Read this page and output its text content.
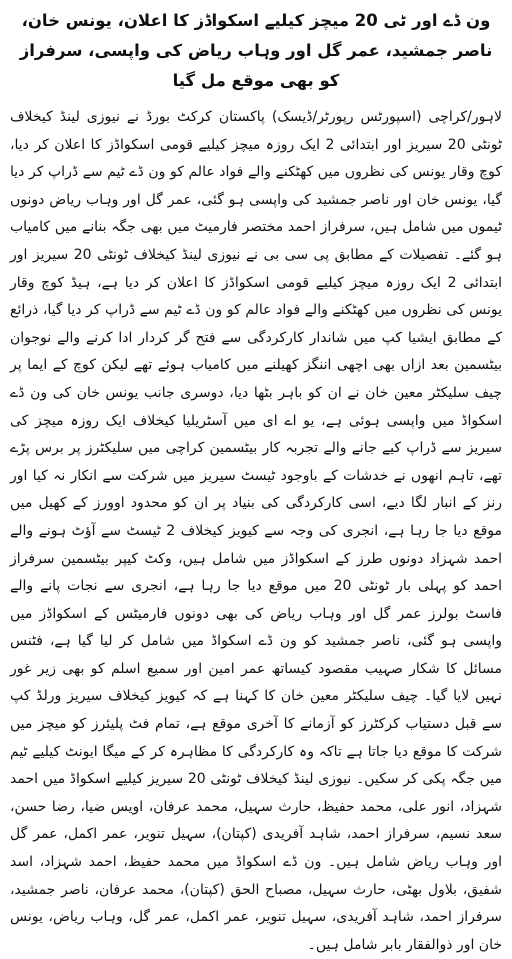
ون ڈے اور ٹی 20 میچز کیلیے اسکواڈز کا اعلان، یونس خان، ناصر جمشید، عمر گل اور وہاب ریاض کی واپسی، سرفراز کو بھی موقع مل گیا

لاہور/کراچی (اسپورٹس رپورٹر/ڈیسک) پاکستان کرکٹ بورڈ نے نیوزی لینڈ کیخلاف ٹونٹی 20 سیریز اور ابتدائی 2 ایک روزہ میچز کیلیے قومی اسکواڈز کا اعلان کر دیا، کوچ وقار یونس کی نظروں میں کھٹکنے والے فواد عالم کو ون ڈے ٹیم سے ڈراپ کر دیا گیا، یونس خان اور ناصر جمشید کی واپسی ہو گئی، عمر گل اور وہاب ریاض دونوں ٹیموں میں شامل ہیں، سرفراز احمد مختصر فارمیٹ میں بھی جگہ بنانے میں کامیاب ہو گئے۔ تفصیلات کے مطابق پی سی بی نے نیوزی لینڈ کیخلاف ٹونٹی 20 سیریز اور ابتدائی 2 ایک روزہ میچز کیلیے قومی اسکواڈز کا اعلان کر دیا ہے، ہیڈ کوچ وقار یونس کی نظروں میں کھٹکنے والے فواد عالم کو ون ڈے ٹیم سے ڈراپ کر دیا گیا، ذرائع کے مطابق ایشیا کپ میں شاندار کارکردگی سے فتح گر کردار ادا کرنے والے نوجوان بیٹسمین بعد ازاں بھی اچھی اننگز کھیلنے میں کامیاب ہوئے تھے لیکن کوچ کے ایما پر چیف سلیکٹر معین خان نے ان کو باہر بٹھا دیا، دوسری جانب یونس خان کی ون ڈے اسکواڈ میں واپسی ہوئی ہے، یو اے ای میں آسٹریلیا کیخلاف ایک روزہ میچز کی سیریز سے ڈراپ کیے جانے والے تجربہ کار بیٹسمین کراچی میں سلیکٹرز پر برس پڑے تھے، تاہم انھوں نے خدشات کے باوجود ٹیسٹ سیریز میں شرکت سے انکار نہ کیا اور رنز کے انبار لگا دیے، اسی کارکردگی کی بنیاد پر ان کو محدود اوورز کے کھیل میں موقع دیا جا رہا ہے، انجری کی وجہ سے کیویز کیخلاف 2 ٹیسٹ سے آؤٹ ہونے والے احمد شہزاد دونوں طرز کے اسکواڈز میں شامل ہیں، وکٹ کیپر بیٹسمین سرفراز احمد کو پہلی بار ٹونٹی 20 میں موقع دیا جا رہا ہے، انجری سے نجات پانے والے فاسٹ بولرز عمر گل اور وہاب ریاض کی بھی دونوں فارمیٹس کے اسکواڈز میں واپسی ہو گئی، ناصر جمشید کو ون ڈے اسکواڈ میں شامل کر لیا گیا ہے، فٹنس مسائل کا شکار صہیب مقصود کیساتھ عمر امین اور سمیع اسلم کو بھی زیر غور نہیں لایا گیا۔ چیف سلیکٹر معین خان کا کہنا ہے کہ کیویز کیخلاف سیریز ورلڈ کپ سے قبل دستیاب کرکٹرز کو آزمانے کا آخری موقع ہے، تمام فٹ پلیئرز کو میچز میں شرکت کا موقع دیا جاتا ہے تاکہ وہ کارکردگی کا مظاہرہ کر کے میگا ایونٹ کیلیے ٹیم میں جگہ پکی کر سکیں۔ نیوزی لینڈ کیخلاف ٹونٹی 20 سیریز کیلیے اسکواڈ میں احمد شہزاد، انور علی، محمد حفیظ، حارث سہیل، محمد عرفان، اویس ضیا، رضا حسن، سعد نسیم، سرفراز احمد، شاہد آفریدی (کپتان)، سہیل تنویر، عمر اکمل، عمر گل اور وہاب ریاض شامل ہیں۔ ون ڈے اسکواڈ میں محمد حفیظ، احمد شہزاد، اسد شفیق، بلاول بھٹی، حارث سہیل، مصباح الحق (کپتان)، محمد عرفان، ناصر جمشید، سرفراز احمد، شاہد آفریدی، سہیل تنویر، عمر اکمل، عمر گل، وہاب ریاض، یونس خان اور ذوالفقار بابر شامل ہیں۔
